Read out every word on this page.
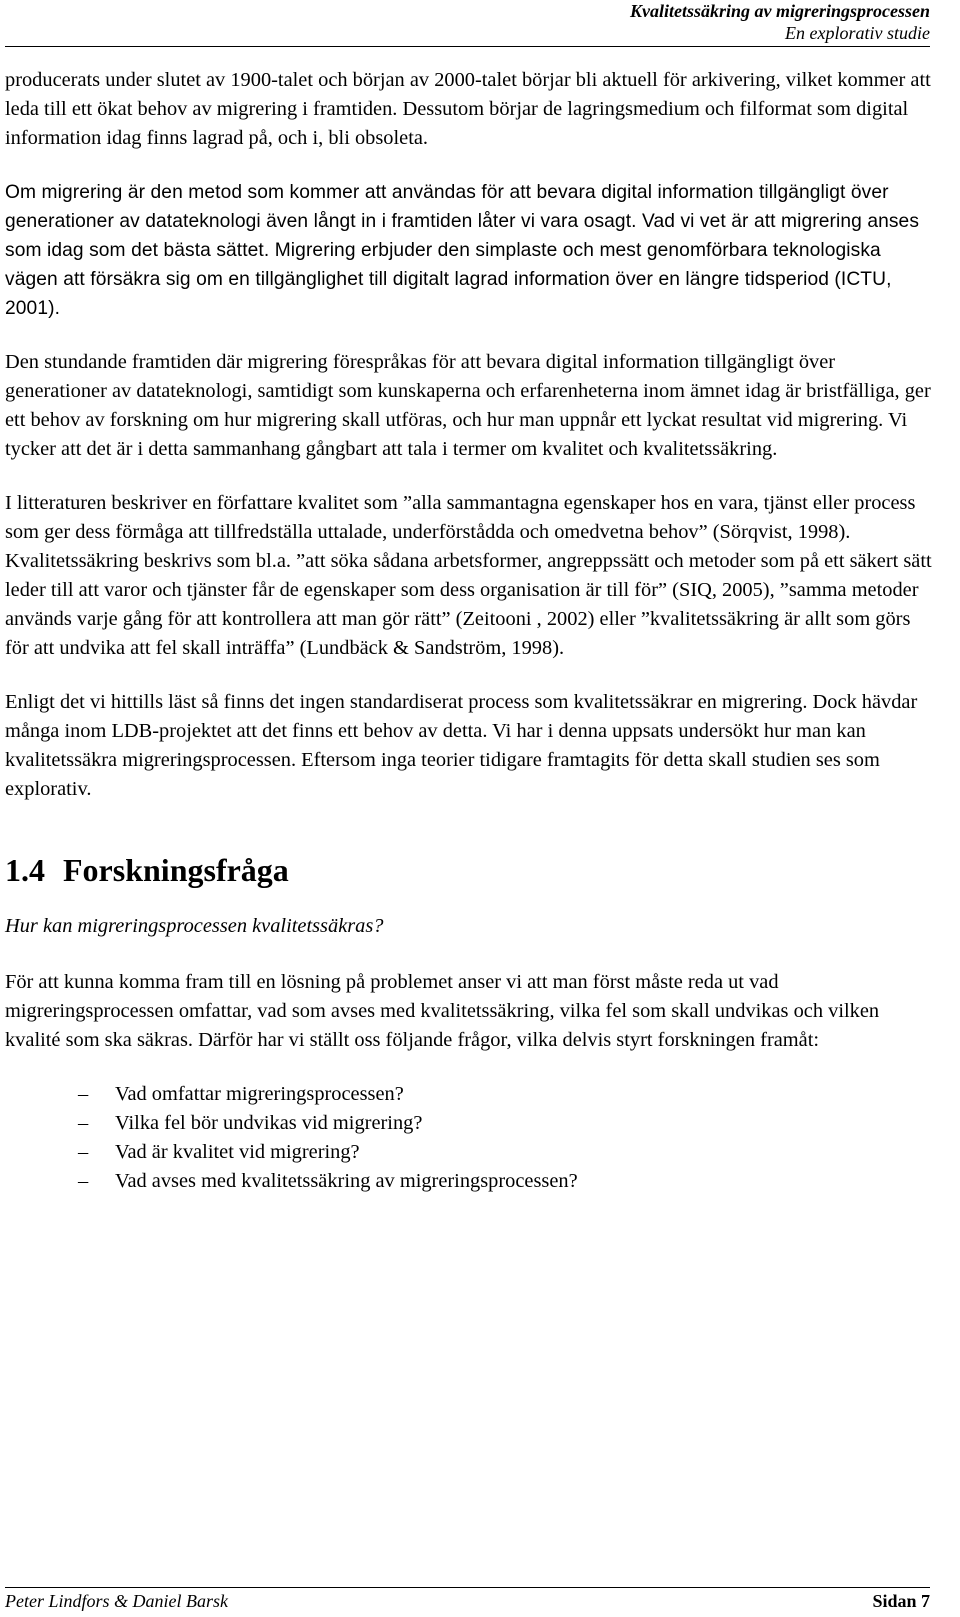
Kvalitetssäkring av migreringsprocessen
En explorativ studie

producerats under slutet av 1900-talet och början av 2000-talet börjar bli aktuell för arkivering, vilket kommer att leda till ett ökat behov av migrering i framtiden. Dessutom börjar de lagringsmedium och filformat som digital information idag finns lagrad på, och i, bli obsoleta.

Om migrering är den metod som kommer att användas för att bevara digital information tillgängligt över generationer av datateknologi även långt in i framtiden låter vi vara osagt. Vad vi vet är att migrering anses som idag som det bästa sättet. Migrering erbjuder den simplaste och mest genomförbara teknologiska vägen att försäkra sig om en tillgänglighet till digitalt lagrad information över en längre tidsperiod (ICTU, 2001).

Den stundande framtiden där migrering förespråkas för att bevara digital information tillgängligt över generationer av datateknologi, samtidigt som kunskaperna och erfarenheterna inom ämnet idag är bristfälliga, ger ett behov av forskning om hur migrering skall utföras, och hur man uppnår ett lyckat resultat vid migrering. Vi tycker att det är i detta sammanhang gångbart att tala i termer om kvalitet och kvalitetssäkring.

I litteraturen beskriver en författare kvalitet som ”alla sammantagna egenskaper hos en vara, tjänst eller process som ger dess förmåga att tillfredställa uttalade, underförstådda och omedvetna behov” (Sörqvist, 1998). Kvalitetssäkring beskrivs som bl.a. ”att söka sådana arbetsformer, angreppssätt och metoder som på ett säkert sätt leder till att varor och tjänster får de egenskaper som dess organisation är till för” (SIQ, 2005), ”samma metoder används varje gång för att kontrollera att man gör rätt” (Zeitooni , 2002) eller ”kvalitetssäkring är allt som görs för att undvika att fel skall inträffa” (Lundbäck & Sandström, 1998).

Enligt det vi hittills läst så finns det ingen standardiserat process som kvalitetssäkrar en migrering. Dock hävdar många inom LDB-projektet att det finns ett behov av detta. Vi har i denna uppsats undersökt hur man kan kvalitetssäkra migreringsprocessen. Eftersom inga teorier tidigare framtagits för detta skall studien ses som explorativ.

1.4 Forskningsfråga
Hur kan migreringsprocessen kvalitetssäkras?

För att kunna komma fram till en lösning på problemet anser vi att man först måste reda ut vad migreringsprocessen omfattar, vad som avses med kvalitetssäkring, vilka fel som skall undvikas och vilken kvalité som ska säkras. Därför har vi ställt oss följande frågor, vilka delvis styrt forskningen framåt:

– Vad omfattar migreringsprocessen?
– Vilka fel bör undvikas vid migrering?
– Vad är kvalitet vid migrering?
– Vad avses med kvalitetssäkring av migreringsprocessen?
Peter Lindfors & Daniel Barsk	Sidan 7
